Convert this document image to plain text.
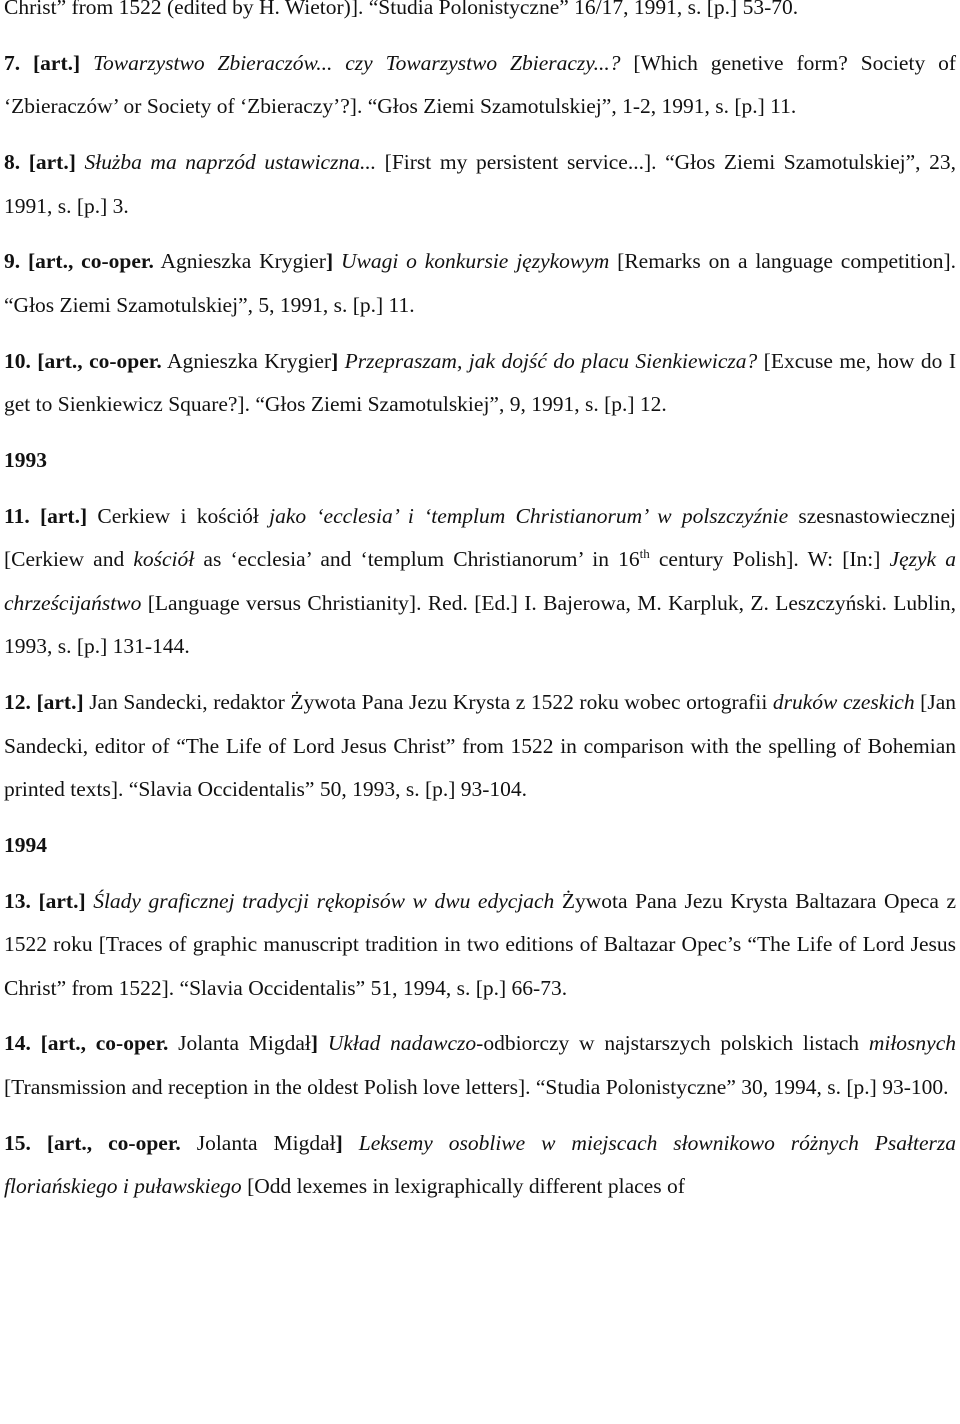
Christ” from 1522 (edited by H. Wietor)]. “Studia Polonistyczne” 16/17, 1991, s. [p.] 53-70.

7. [art.] Towarzystwo Zbieraczów... czy Towarzystwo Zbieraczy...? [Which genetive form? Society of ‘Zbieraczów’ or Society of ‘Zbieraczy’?]. “Głos Ziemi Szamotulskiej”, 1-2, 1991, s. [p.] 11.

8. [art.] Służba ma naprzód ustawiczna... [First my persistent service...]. “Głos Ziemi Szamotulskiej”, 23, 1991, s. [p.] 3.

9. [art., co-oper. Agnieszka Krygier] Uwagi o konkursie językowym [Remarks on a language competition]. “Głos Ziemi Szamotulskiej”, 5, 1991, s. [p.] 11.

10. [art., co-oper. Agnieszka Krygier] Przepraszam, jak dojść do placu Sienkiewicza? [Excuse me, how do I get to Sienkiewicz Square?]. “Głos Ziemi Szamotulskiej”, 9, 1991, s. [p.] 12.

1993

11. [art.] Cerkiew i kościół jako ‘ecclesia’ i ‘templum Christianorum’ w polszczyźnie szesnastowiecznej [Cerkiew and kościół as ‘ecclesia’ and ‘templum Christianorum’ in 16th century Polish]. W: [In:] Język a chrześcijaństwo [Language versus Christianity]. Red. [Ed.] I. Bajerowa, M. Karpluk, Z. Leszczyński. Lublin, 1993, s. [p.] 131-144.

12. [art.] Jan Sandecki, redaktor Żywota Pana Jezu Krysta z 1522 roku wobec ortografii druków czeskich [Jan Sandecki, editor of “The Life of Lord Jesus Christ” from 1522 in comparison with the spelling of Bohemian printed texts]. “Slavia Occidentalis” 50, 1993, s. [p.] 93-104.

1994

13. [art.] Ślady graficznej tradycji rękopisów w dwu edycjach Żywota Pana Jezu Krysta Baltazara Opeca z 1522 roku [Traces of graphic manuscript tradition in two editions of Baltazar Opec’s “The Life of Lord Jesus Christ” from 1522]. “Slavia Occidentalis” 51, 1994, s. [p.] 66-73.

14. [art., co-oper. Jolanta Migdał] Układ nadawczo-odbiorczy w najstarszych polskich listach miłosnych [Transmission and reception in the oldest Polish love letters]. “Studia Polonistyczne” 30, 1994, s. [p.] 93-100.

15. [art., co-oper. Jolanta Migdał] Leksemy osobliwe w miejscach słownikowo różnych Psałterza floriańskiego i puławskiego [Odd lexemes in lexigraphically different places of
